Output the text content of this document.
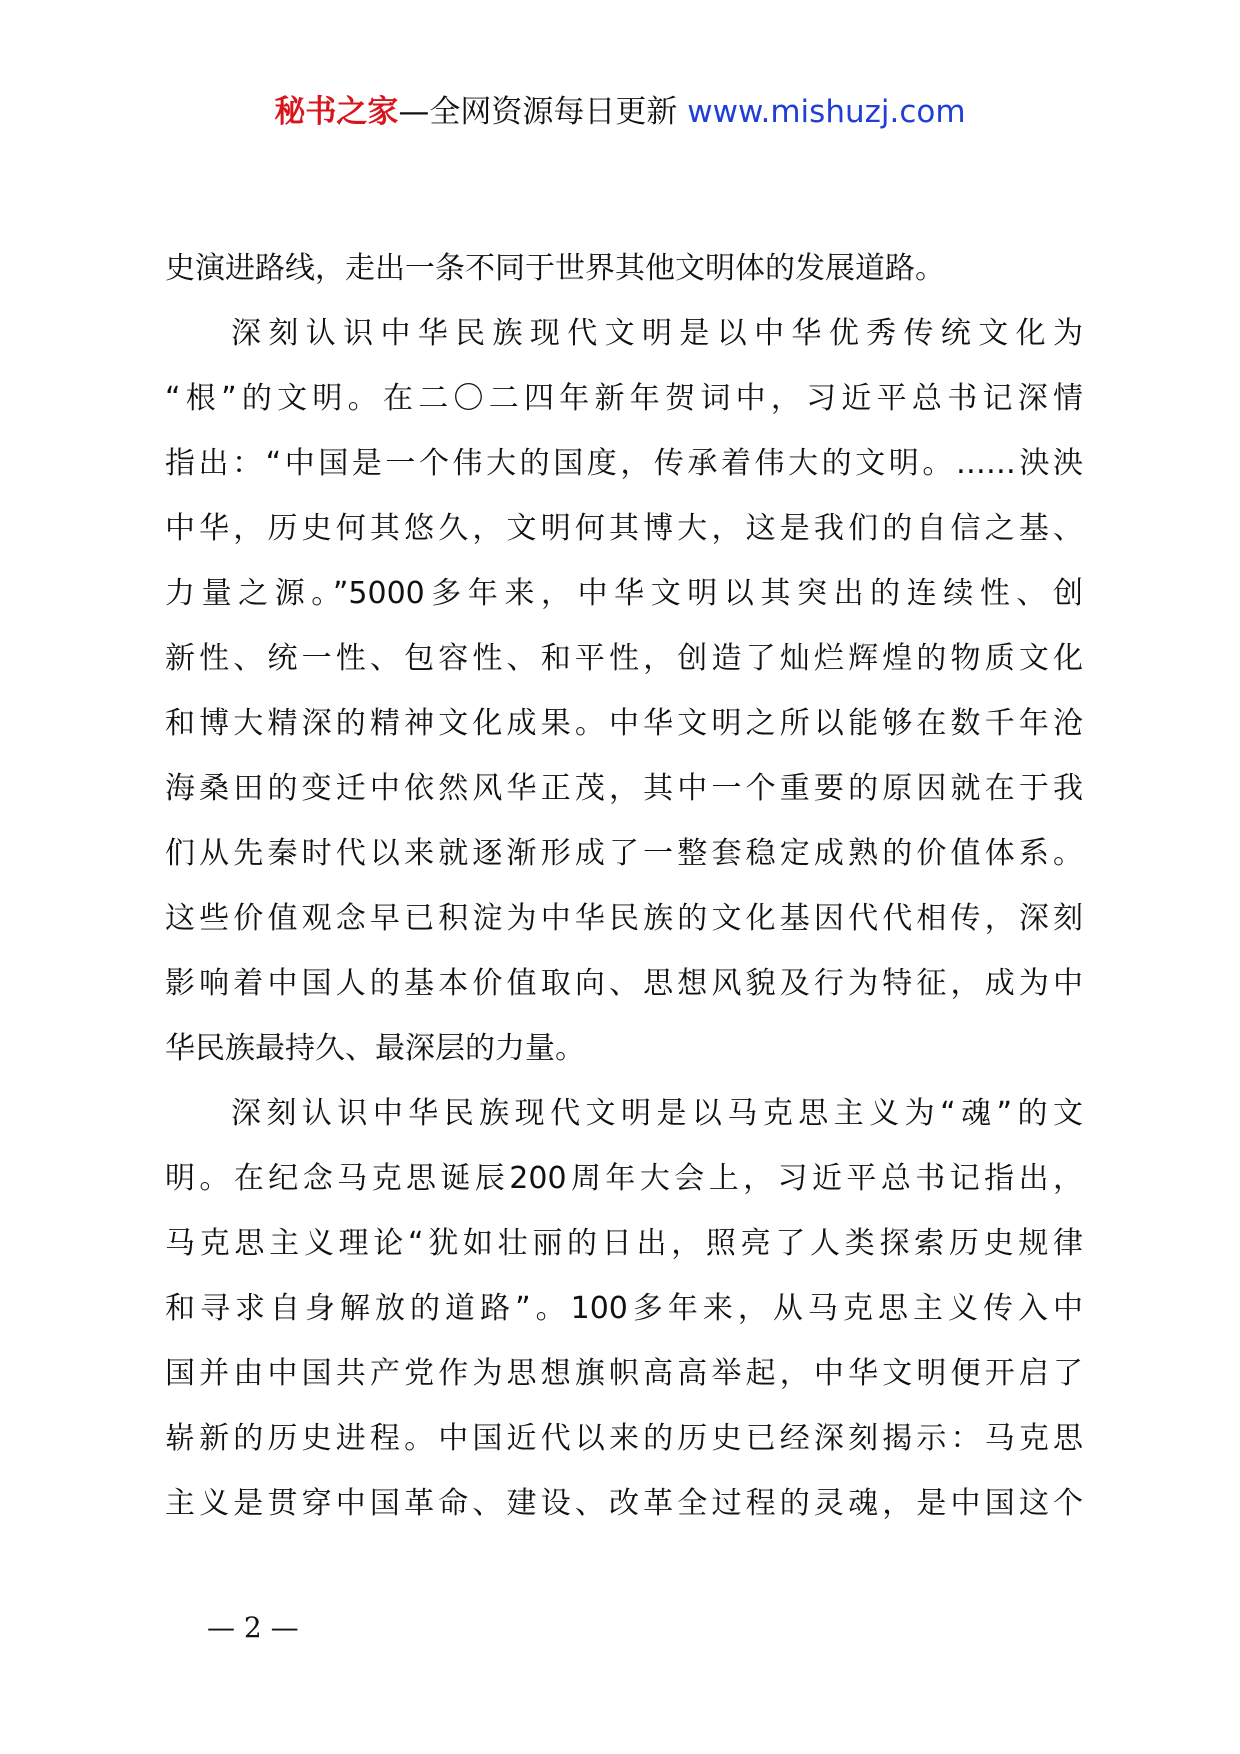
秘书之家—全网资源每日更新 www.mishuzj.com
史演进路线，走出一条不同于世界其他文明体的发展道路。
深刻认识中华民族现代文明是以中华优秀传统文化为
“根”的文明。在二〇二四年新年贺词中，习近平总书记深情
指出：“中国是一个伟大的国度，传承着伟大的文明。……泱泱
中华，历史何其悠久，文明何其博大，这是我们的自信之基、
力量之源。”5000多年来，中华文明以其突出的连续性、创
新性、统一性、包容性、和平性，创造了灿烂辉煌的物质文化
和博大精深的精神文化成果。中华文明之所以能够在数千年沧
海桑田的变迁中依然风华正茂，其中一个重要的原因就在于我
们从先秦时代以来就逐渐形成了一整套稳定成熟的价值体系。
这些价值观念早已积淀为中华民族的文化基因代代相传，深刻
影响着中国人的基本价值取向、思想风貌及行为特征，成为中
华民族最持久、最深层的力量。
深刻认识中华民族现代文明是以马克思主义为“魂”的文
明。在纪念马克思诞辰200周年大会上，习近平总书记指出，
马克思主义理论“犹如壮丽的日出，照亮了人类探索历史规律
和寻求自身解放的道路”。100多年来，从马克思主义传入中
国并由中国共产党作为思想旗帜高高举起，中华文明便开启了
崭新的历史进程。中国近代以来的历史已经深刻揭示：马克思
主义是贯穿中国革命、建设、改革全过程的灵魂，是中国这个
— 2 —
